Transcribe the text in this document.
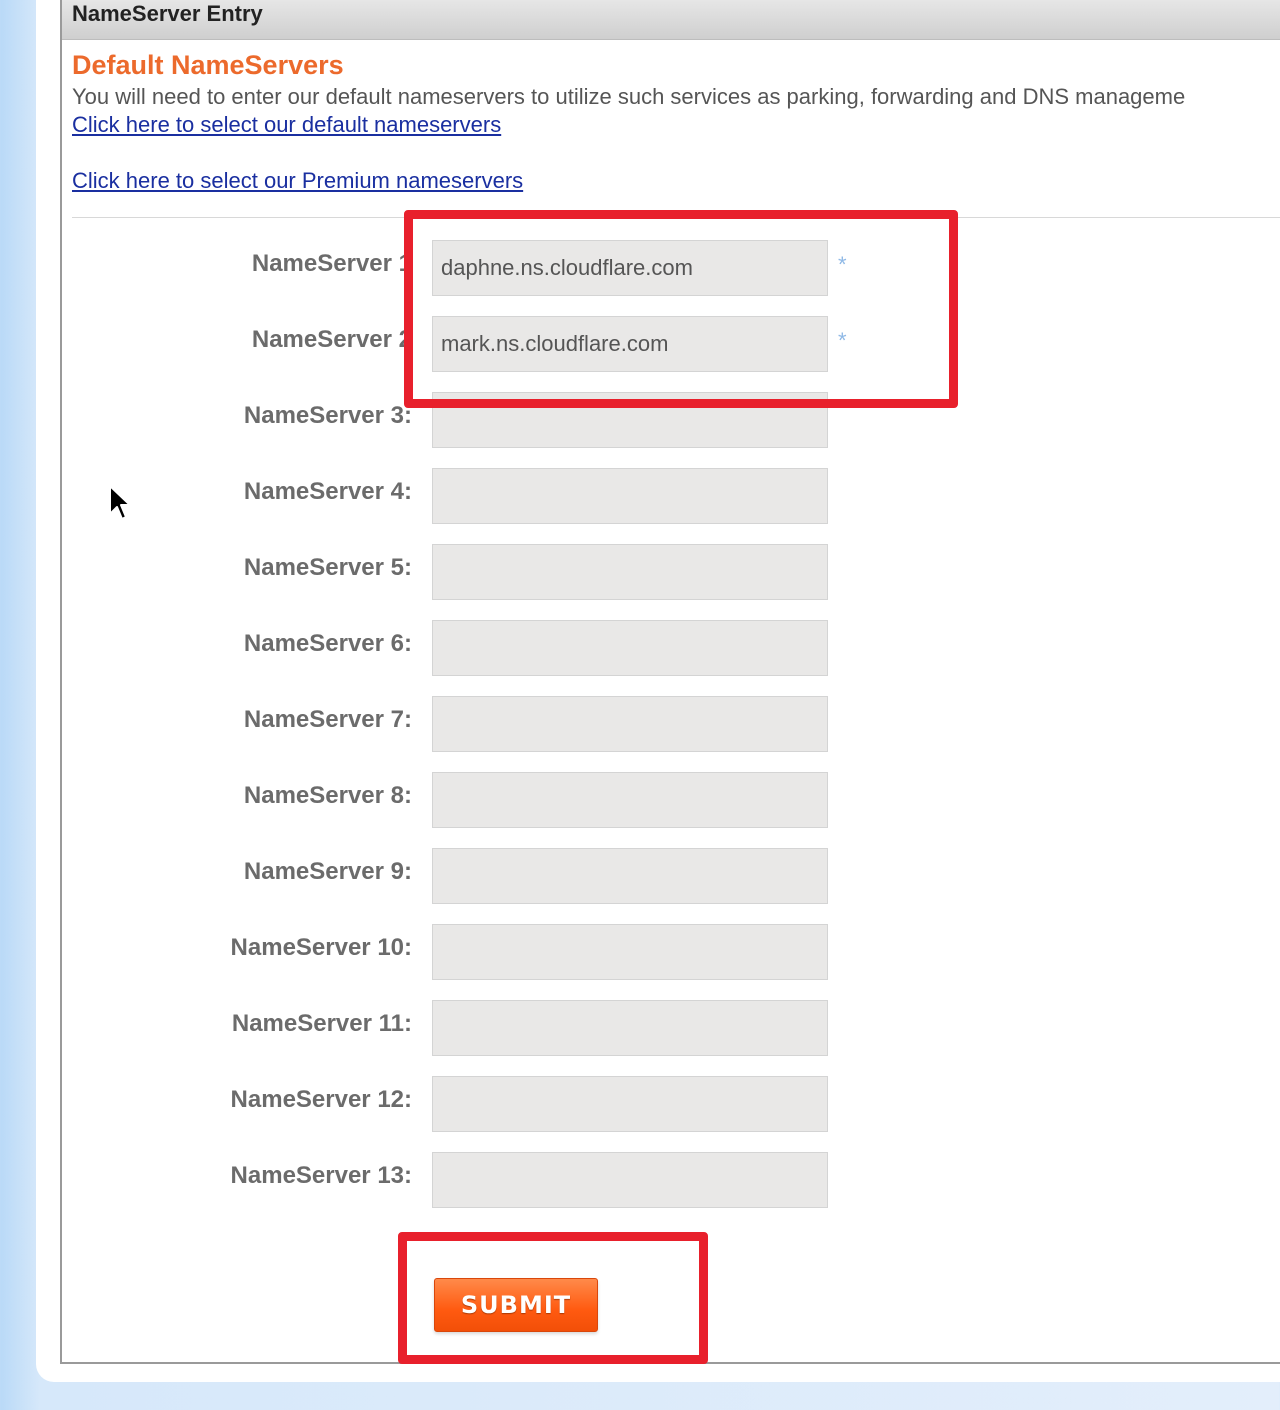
NameServer Entry
Default NameServers
You will need to enter our default nameservers to utilize such services as parking, forwarding and DNS manageme
Click here to select our default nameservers
Click here to select our Premium nameservers
NameServer 1
daphne.ns.cloudflare.com	*
NameServer 2
mark.ns.cloudflare.com	*
NameServer 3:
NameServer 4:
NameServer 5:
NameServer 6:
NameServer 7:
NameServer 8:
NameServer 9:
NameServer 10:
NameServer 11:
NameServer 12:
NameServer 13:
SUBMIT
